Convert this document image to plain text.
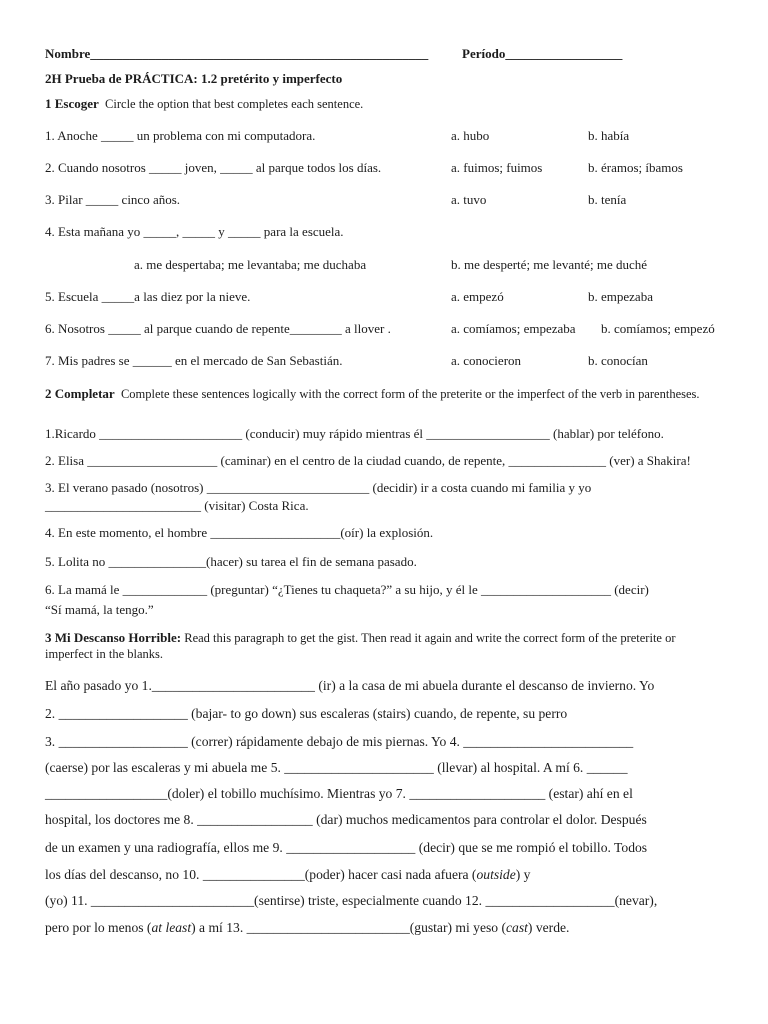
Nombre____________________________________________________	Período__________________
2H Prueba de PRÁCTICA: 1.2 pretérito y imperfecto
1 Escoger Circle the option that best completes each sentence.
1. Anoche _____ un problema con mi computadora.	a. hubo	b. había
2. Cuando nosotros _____ joven, _____ al parque todos los días.	a. fuimos; fuimos	b. éramos; íbamos
3. Pilar _____ cinco años.	a. tuvo	b. tenía
4. Esta mañana yo _____, _____ y _____ para la escuela.
a. me despertaba; me levantaba; me duchaba	b. me desperté; me levanté; me duché
5. Escuela _____a las diez por la nieve.	a. empezó	b. empezaba
6. Nosotros _____ al parque cuando de repente________ a llover .	a. comíamos; empezaba b. comíamos; empezó
7. Mis padres se ______ en el mercado de San Sebastián.	a. conocieron	b. conocían
2 Completar Complete these sentences logically with the correct form of the preterite or the imperfect of the verb in parentheses.
1.Ricardo ______________________ (conducir) muy rápido mientras él ___________________ (hablar) por teléfono.
2. Elisa ____________________ (caminar) en el centro de la ciudad cuando, de repente, _______________ (ver) a Shakira!
3. El verano pasado (nosotros) _________________________ (decidir) ir a costa cuando mi familia y yo
________________________ (visitar) Costa Rica.
4. En este momento, el hombre ____________________(oír) la explosión.
5. Lolita no _______________(hacer) su tarea el fin de semana pasado.
6. La mamá le _____________ (preguntar) “¿Tienes tu chaqueta?” a su hijo, y él le ____________________ (decir)
“Sí mamá, la tengo.”
3 Mi Descanso Horrible: Read this paragraph to get the gist. Then read it again and write the correct form of the preterite or imperfect in the blanks.
El año pasado yo 1.________________________ (ir) a la casa de mi abuela durante el descanso de invierno. Yo
2. ___________________ (bajar- to go down) sus escaleras (stairs) cuando, de repente, su perro
3. ___________________ (correr) rápidamente debajo de mis piernas. Yo 4. _________________________
(caerse) por las escaleras y mi abuela me 5. ______________________ (llevar) al hospital. A mí 6. ______
__________________(doler) el tobillo muchísimo. Mientras yo 7. ____________________ (estar) ahí en el
hospital, los doctores me 8. _________________ (dar) muchos medicamentos para controlar el dolor. Después
de un examen y una radiografía, ellos me 9. ___________________ (decir) que se me rompió el tobillo. Todos
los días del descanso, no 10. _______________(poder) hacer casi nada afuera (outside) y
(yo) 11. ________________________(sentirse) triste, especialmente cuando 12. ___________________(nevar),
pero por lo menos (at least) a mí 13. ________________________(gustar) mi yeso (cast) verde.
